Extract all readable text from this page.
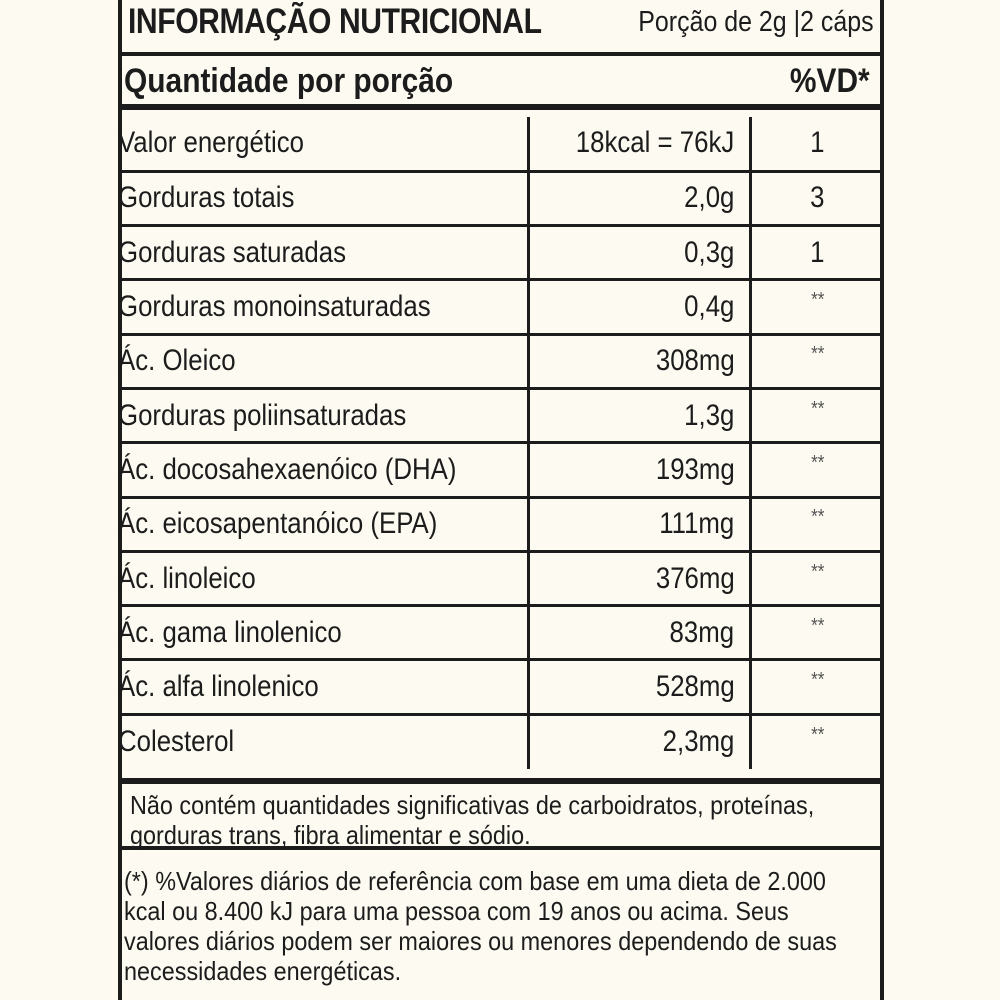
INFORMAÇÃO NUTRICIONAL	Porção de 2g |2 cáps
Quantidade por porção	%VD*
Valor energético	18kcal = 76kJ	1
Gorduras totais	2,0g	3
Gorduras saturadas	0,3g	1
Gorduras monoinsaturadas	0,4g	**
Ác. Oleico	308mg	**
Gorduras poliinsaturadas	1,3g	**
Ác. docosahexaenóico (DHA)	193mg	**
Ác. eicosapentanóico (EPA)	111mg	**
Ác. linoleico	376mg	**
Ác. gama linolenico	83mg	**
Ác. alfa linolenico	528mg	**
Colesterol	2,3mg	**
Não contém quantidades significativas de carboidratos, proteínas,
gorduras trans, fibra alimentar e sódio.
(*) %Valores diários de referência com base em uma dieta de 2.000
kcal ou 8.400 kJ para uma pessoa com 19 anos ou acima. Seus
valores diários podem ser maiores ou menores dependendo de suas
necessidades energéticas.
